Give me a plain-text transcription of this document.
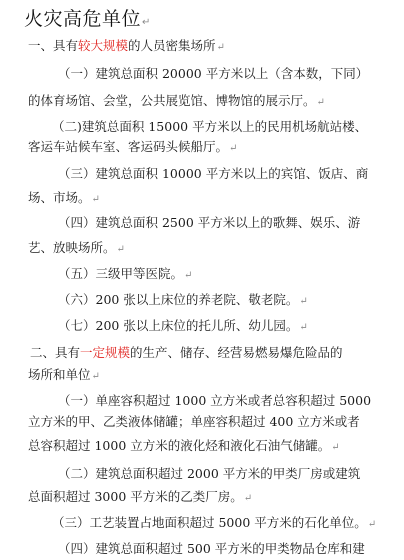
火灾高危单位↵
一、具有较大规模的人员密集场所↵
（一）建筑总面积 20000 平方米以上（含本数，下同）
的体育场馆、会堂，公共展览馆、博物馆的展示厅。↵
（二)建筑总面积 15000 平方米以上的民用机场航站楼、
客运车站候车室、客运码头候船厅。↵
（三）建筑总面积 10000 平方米以上的宾馆、饭店、商
场、市场。↵
（四）建筑总面积 2500 平方米以上的歌舞、娱乐、游
艺、放映场所。↵
（五）三级甲等医院。↵
（六）200 张以上床位的养老院、敬老院。↵
（七）200 张以上床位的托儿所、幼儿园。↵
二、具有一定规模的生产、储存、经营易燃易爆危险品的
场所和单位↵
（一）单座容积超过 1000 立方米或者总容积超过 5000
立方米的甲、乙类液体储罐；单座容积超过 400 立方米或者
总容积超过 1000 立方米的液化烃和液化石油气储罐。↵
（二）建筑总面积超过 2000 平方米的甲类厂房或建筑
总面积超过 3000 平方米的乙类厂房。↵
（三）工艺装置占地面积超过 5000 平方米的石化单位。↵
（四）建筑总面积超过 500 平方米的甲类物品仓库和建
